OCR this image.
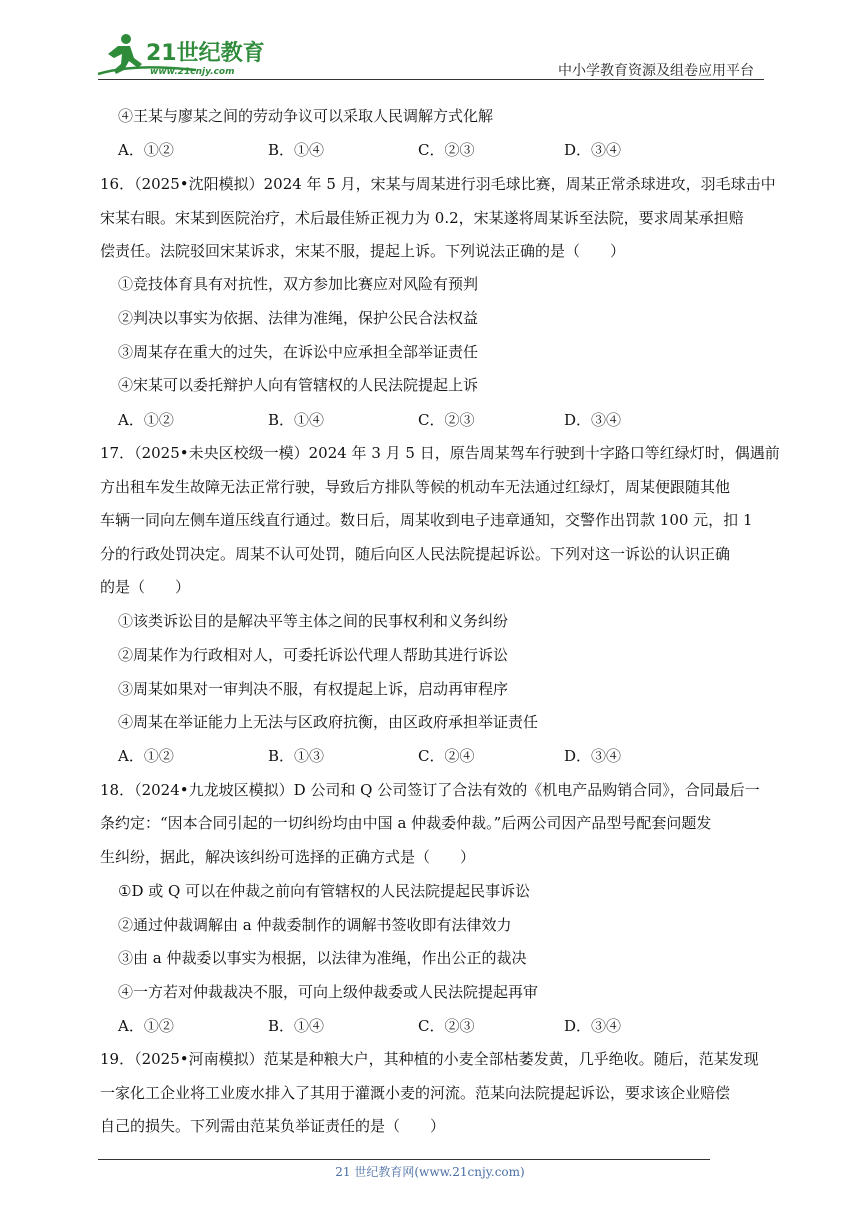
21世纪教育
www.21cnjy.com	中小学教育资源及组卷应用平台
④王某与廖某之间的劳动争议可以采取人民调解方式化解
A．①②	B．①④	C．②③	D．③④
16．（2025•沈阳模拟）2024 年 5 月，宋某与周某进行羽毛球比赛，周某正常杀球进攻，羽毛球击中
宋某右眼。宋某到医院治疗，术后最佳矫正视力为 0.2，宋某遂将周某诉至法院，要求周某承担赔
偿责任。法院驳回宋某诉求，宋某不服，提起上诉。下列说法正确的是（　　）
①竞技体育具有对抗性，双方参加比赛应对风险有预判
②判决以事实为依据、法律为准绳，保护公民合法权益
③周某存在重大的过失，在诉讼中应承担全部举证责任
④宋某可以委托辩护人向有管辖权的人民法院提起上诉
A．①②	B．①④	C．②③	D．③④
17．（2025•未央区校级一模）2024 年 3 月 5 日，原告周某驾车行驶到十字路口等红绿灯时，偶遇前
方出租车发生故障无法正常行驶，导致后方排队等候的机动车无法通过红绿灯，周某便跟随其他
车辆一同向左侧车道压线直行通过。数日后，周某收到电子违章通知，交警作出罚款 100 元，扣 1
分的行政处罚决定。周某不认可处罚，随后向区人民法院提起诉讼。下列对这一诉讼的认识正确
的是（　　）
①该类诉讼目的是解决平等主体之间的民事权利和义务纠纷
②周某作为行政相对人，可委托诉讼代理人帮助其进行诉讼
③周某如果对一审判决不服，有权提起上诉，启动再审程序
④周某在举证能力上无法与区政府抗衡，由区政府承担举证责任
A．①②	B．①③	C．②④	D．③④
18．（2024•九龙坡区模拟）D 公司和 Q 公司签订了合法有效的《机电产品购销合同》，合同最后一
条约定：“因本合同引起的一切纠纷均由中国 a 仲裁委仲裁。”后两公司因产品型号配套问题发
生纠纷，据此，解决该纠纷可选择的正确方式是（　　）
①D 或 Q 可以在仲裁之前向有管辖权的人民法院提起民事诉讼
②通过仲裁调解由 a 仲裁委制作的调解书签收即有法律效力
③由 a 仲裁委以事实为根据，以法律为准绳，作出公正的裁决
④一方若对仲裁裁决不服，可向上级仲裁委或人民法院提起再审
A．①②	B．①④	C．②③	D．③④
19．（2025•河南模拟）范某是种粮大户，其种植的小麦全部枯萎发黄，几乎绝收。随后，范某发现
一家化工企业将工业废水排入了其用于灌溉小麦的河流。范某向法院提起诉讼，要求该企业赔偿
自己的损失。下列需由范某负举证责任的是（　　）
21 世纪教育网(www.21cnjy.com)
